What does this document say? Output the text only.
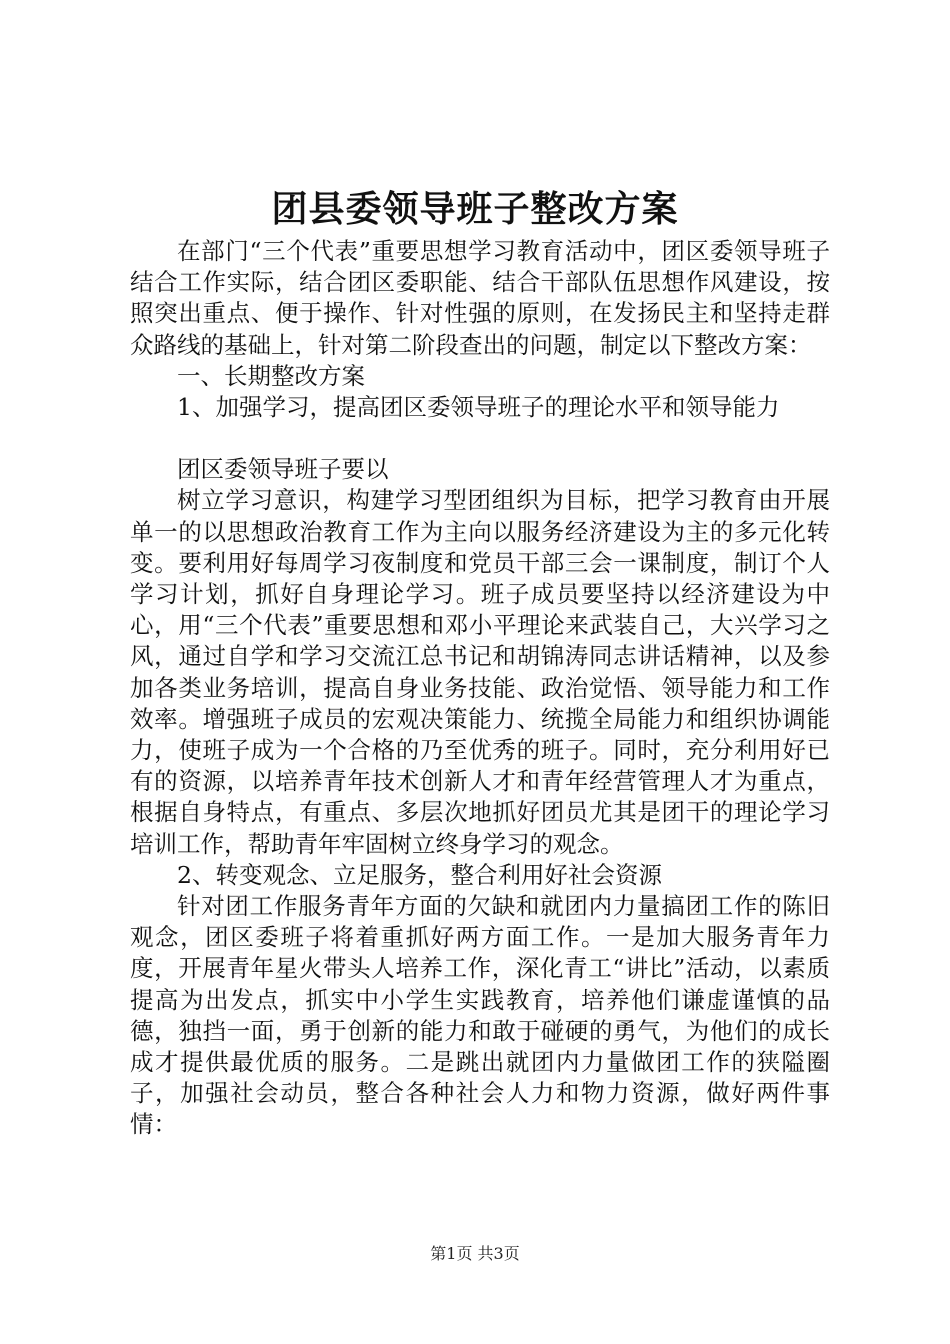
团县委领导班子整改方案

在部门“三个代表”重要思想学习教育活动中，团区委领导班子结合工作实际，结合团区委职能、结合干部队伍思想作风建设，按照突出重点、便于操作、针对性强的原则，在发扬民主和坚持走群众路线的基础上，针对第二阶段查出的问题，制定以下整改方案：

一、长期整改方案

1、加强学习，提高团区委领导班子的理论水平和领导能力

团区委领导班子要以

树立学习意识，构建学习型团组织为目标，把学习教育由开展单一的以思想政治教育工作为主向以服务经济建设为主的多元化转变。要利用好每周学习夜制度和党员干部三会一课制度，制订个人学习计划，抓好自身理论学习。班子成员要坚持以经济建设为中心，用“三个代表”重要思想和邓小平理论来武装自己，大兴学习之风，通过自学和学习交流江总书记和胡锦涛同志讲话精神，以及参加各类业务培训，提高自身业务技能、政治觉悟、领导能力和工作效率。增强班子成员的宏观决策能力、统揽全局能力和组织协调能力，使班子成为一个合格的乃至优秀的班子。同时，充分利用好已有的资源，以培养青年技术创新人才和青年经营管理人才为重点，根据自身特点，有重点、多层次地抓好团员尤其是团干的理论学习培训工作，帮助青年牢固树立终身学习的观念。

2、转变观念、立足服务，整合利用好社会资源

针对团工作服务青年方面的欠缺和就团内力量搞团工作的陈旧观念，团区委班子将着重抓好两方面工作。一是加大服务青年力度，开展青年星火带头人培养工作，深化青工“讲比”活动，以素质提高为出发点，抓实中小学生实践教育，培养他们谦虚谨慎的品德，独挡一面，勇于创新的能力和敢于碰硬的勇气，为他们的成长成才提供最优质的服务。二是跳出就团内力量做团工作的狭隘圈子，加强社会动员，整合各种社会人力和物力资源，做好两件事情：

第1页 共3页
